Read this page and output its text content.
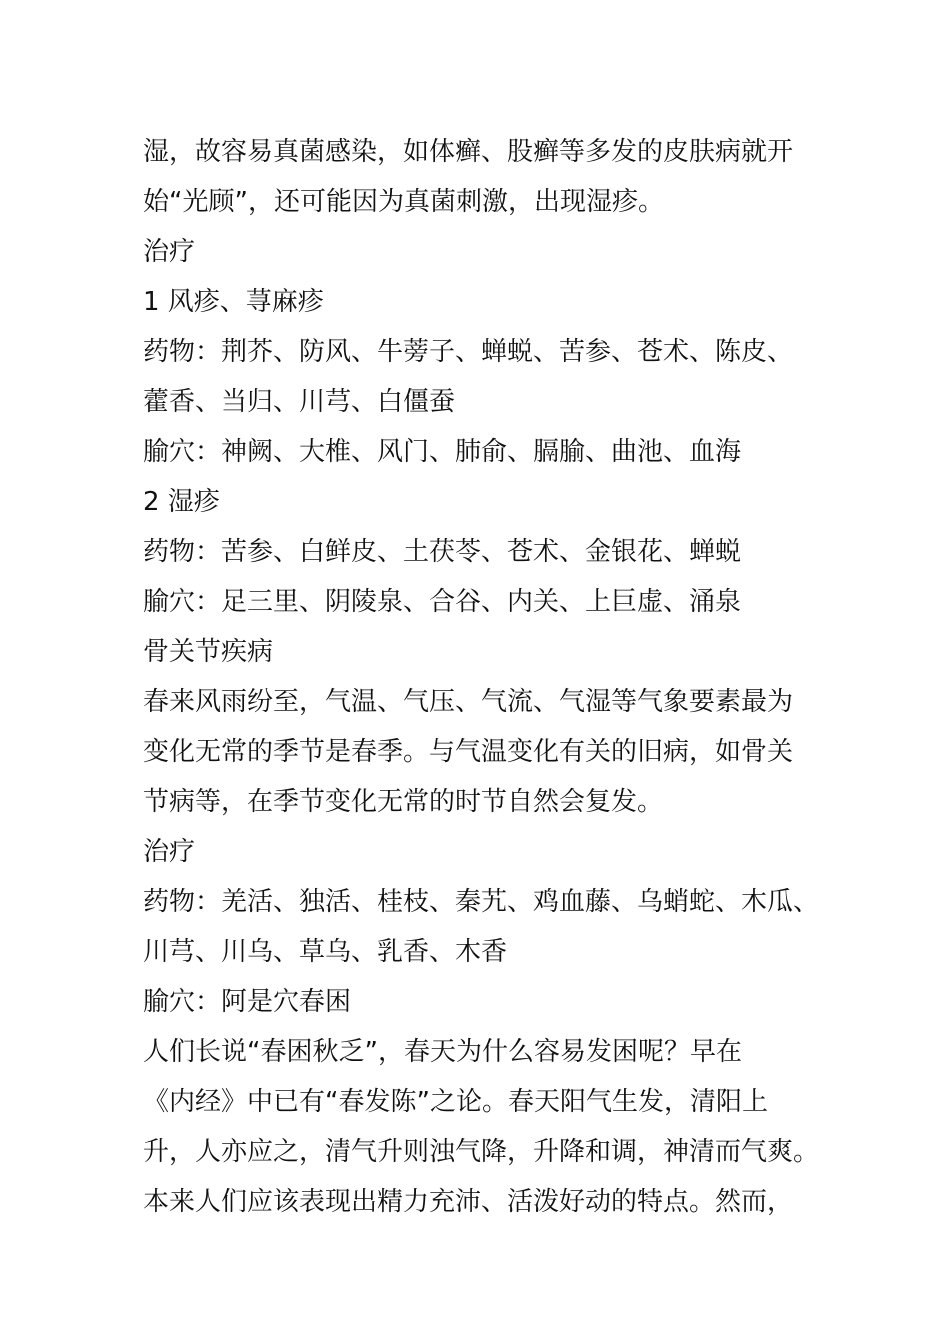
湿，故容易真菌感染，如体癣、股癣等多发的皮肤病就开
始“光顾”，还可能因为真菌刺激，出现湿疹。
治疗
1 风疹、荨麻疹
药物：荆芥、防风、牛蒡子、蝉蜕、苦参、苍术、陈皮、
藿香、当归、川芎、白僵蚕
腧穴：神阙、大椎、风门、肺俞、膈腧、曲池、血海
2 湿疹
药物：苦参、白鲜皮、土茯苓、苍术、金银花、蝉蜕
腧穴：足三里、阴陵泉、合谷、内关、上巨虚、涌泉
骨关节疾病
春来风雨纷至，气温、气压、气流、气湿等气象要素最为
变化无常的季节是春季。与气温变化有关的旧病，如骨关
节病等，在季节变化无常的时节自然会复发。
治疗
药物：羌活、独活、桂枝、秦艽、鸡血藤、乌蛸蛇、木瓜、
川芎、川乌、草乌、乳香、木香
腧穴：阿是穴春困
人们长说“春困秋乏”，春天为什么容易发困呢？早在
《内经》中已有“春发陈”之论。春天阳气生发，清阳上
升，人亦应之，清气升则浊气降，升降和调，神清而气爽。
本来人们应该表现出精力充沛、活泼好动的特点。然而，
